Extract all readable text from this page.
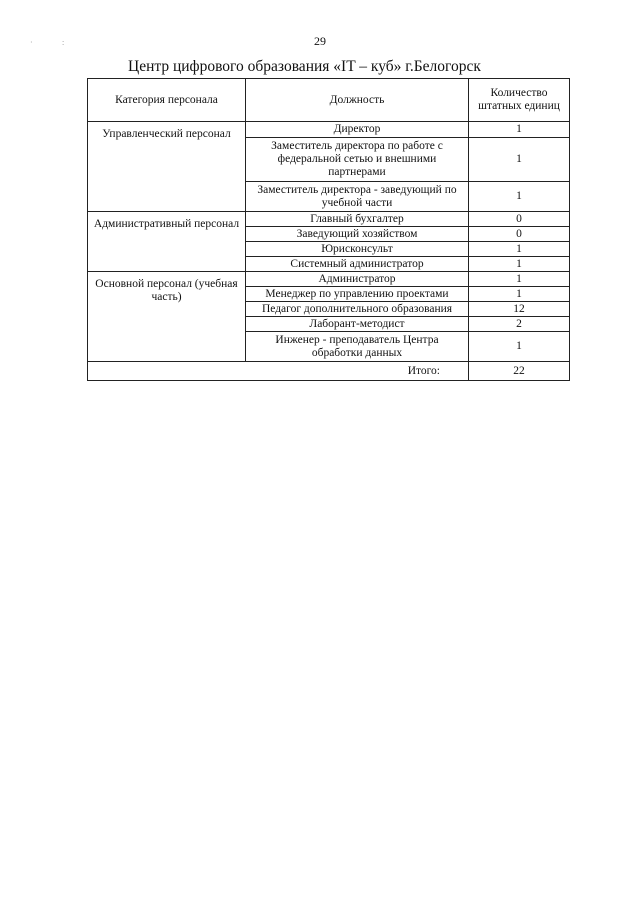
·	:	29
Центр цифрового образования «IT – куб» г.Белогорск
Категория персонала	Должность	Количество штатных единиц
Управленческий персонал	Директор	1
	Заместитель директора по работе с федеральной сетью и внешними партнерами	1
	Заместитель директора - заведующий по учебной части	1
Административный персонал	Главный бухгалтер	0
	Заведующий хозяйством	0
	Юрисконсульт	1
	Системный администратор	1
Основной персонал (учебная часть)	Администратор	1
	Менеджер по управлению проектами	1
	Педагог дополнительного образования	12
	Лаборант-методист	2
	Инженер - преподаватель Центра обработки данных	1
Итого:		22
